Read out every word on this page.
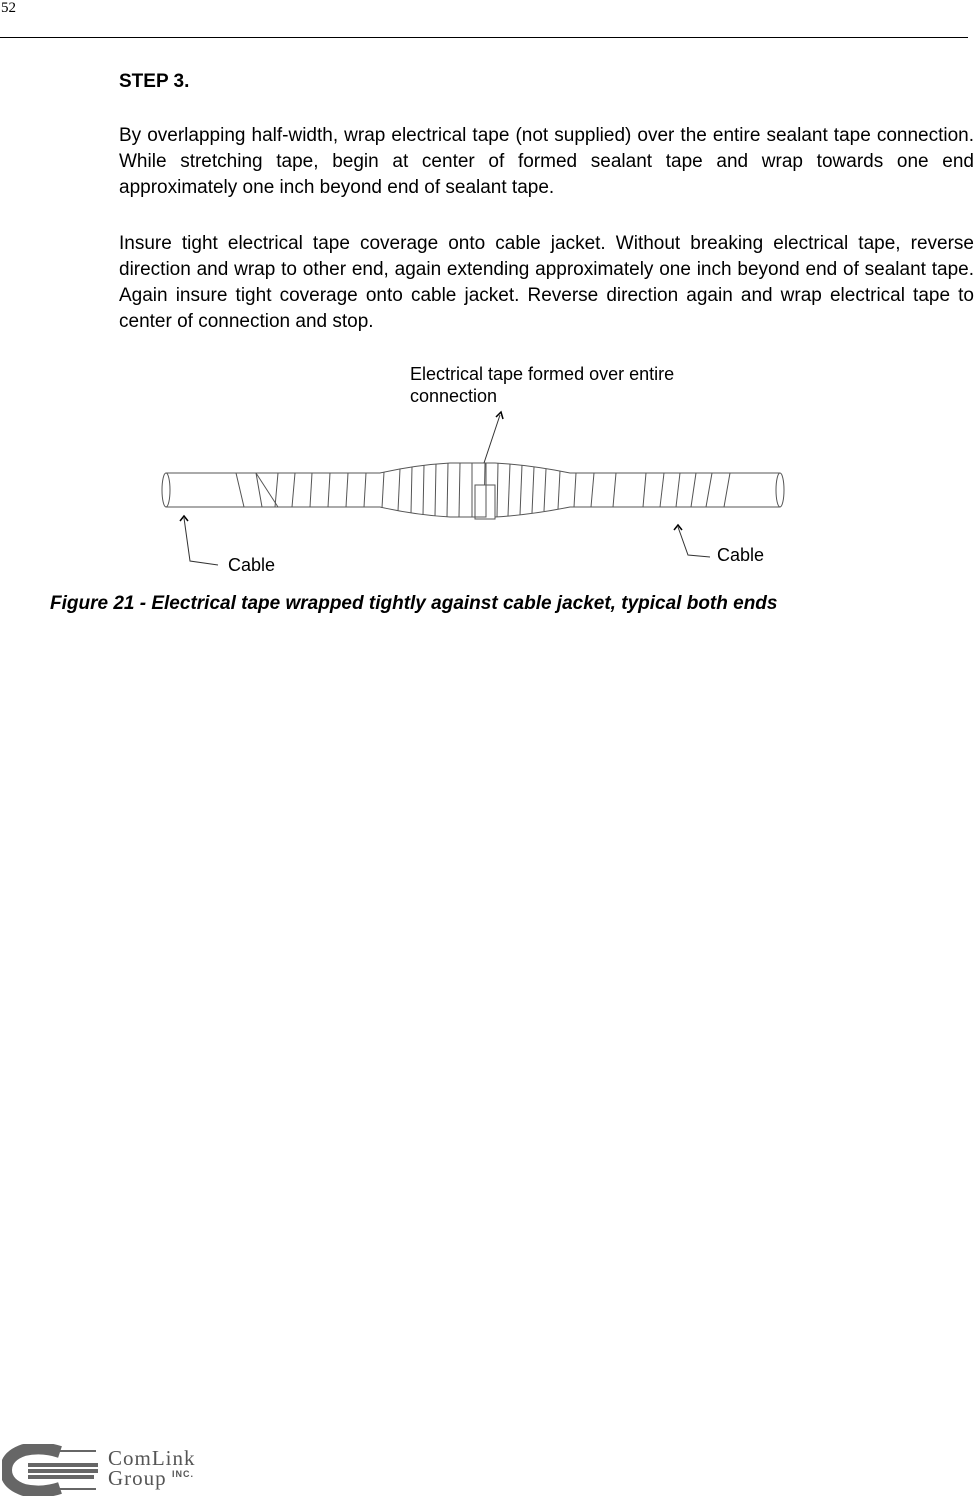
52
STEP 3.

By overlapping half-width, wrap electrical tape (not supplied) over the entire sealant tape connection. While stretching tape, begin at center of formed sealant tape and wrap towards one end approximately one inch beyond end of sealant tape.

Insure tight electrical tape coverage onto cable jacket. Without breaking electrical tape, reverse direction and wrap to other end, again extending approximately one inch beyond end of sealant tape. Again insure tight coverage onto cable jacket. Reverse direction again and wrap electrical tape to center of connection and stop.

Electrical tape formed over entire connection
Cable	Cable
Figure 21 - Electrical tape wrapped tightly against cable jacket, typical both ends
ComLink
Group INC.
